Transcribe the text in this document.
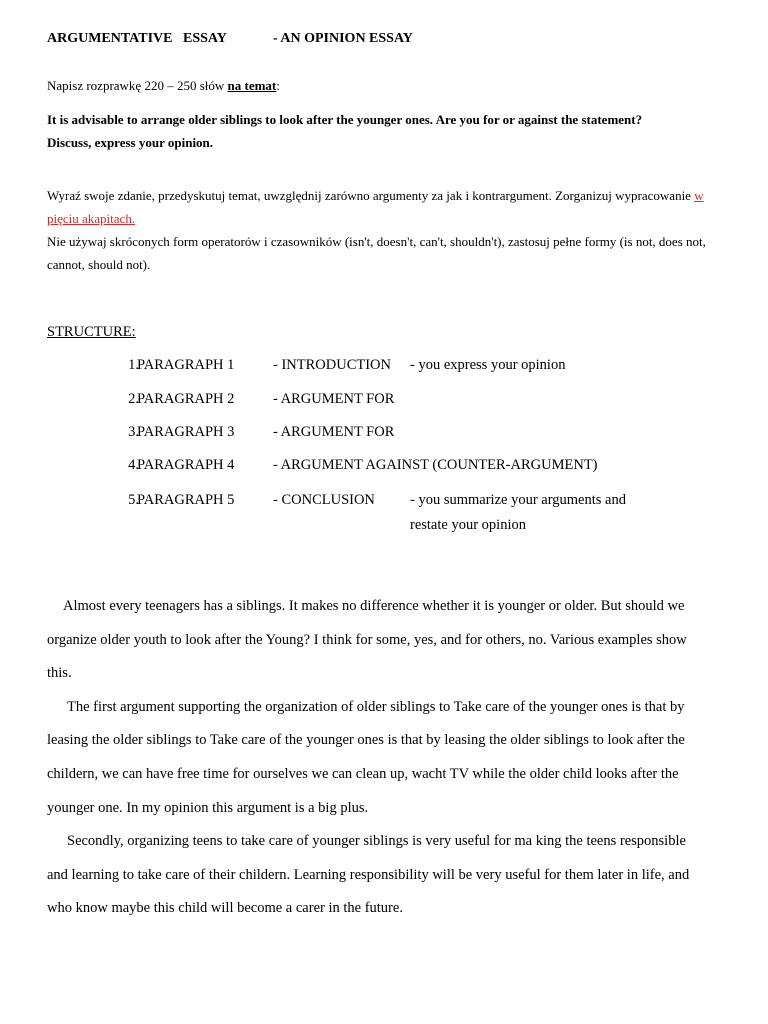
ARGUMENTATIVE   ESSAY	- AN OPINION ESSAY
Napisz rozprawkę 220 – 250 słów na temat:
It is advisable to arrange older siblings to look after the younger ones. Are you for or against the statement? Discuss, express your opinion.
Wyraź swoje zdanie, przedyskutuj temat, uwzględnij zarówno argumenty za jak i kontrargument. Zorganizuj wypracowanie w pięciu akapitach.
Nie używaj skróconych form operatorów i czasowników (isn't, doesn't, can't, shouldn't), zastosuj pełne formy (is not, does not, cannot, should not).
STRUCTURE:
1.
PARAGRAPH 1	- INTRODUCTION - you express your opinion
2.
PARAGRAPH 2	- ARGUMENT FOR
3.
PARAGRAPH 3	- ARGUMENT FOR
4.
PARAGRAPH 4	- ARGUMENT AGAINST (COUNTER-ARGUMENT)
5.
PARAGRAPH 5	- CONCLUSION - you summarize your arguments and
restate your opinion

Almost every teenagers has a siblings. It makes no difference whether it is younger or older. But should we organize older youth to look after the Young? I think for some, yes, and for others, no. Various examples show this.

The first argument supporting the organization of older siblings to Take care of the younger ones is that by leasing the older siblings to Take care of the younger ones is that by leasing the older siblings to look after the childern, we can have free time for ourselves we can clean up, wacht TV while the older child looks after the younger one. In my opinion this argument is a big plus.

Secondly, organizing teens to take care of younger siblings is very useful for ma king the teens responsible and learning to take care of their childern. Learning responsibility will be very useful for them later in life, and who know maybe this child will become a carer in the future.
